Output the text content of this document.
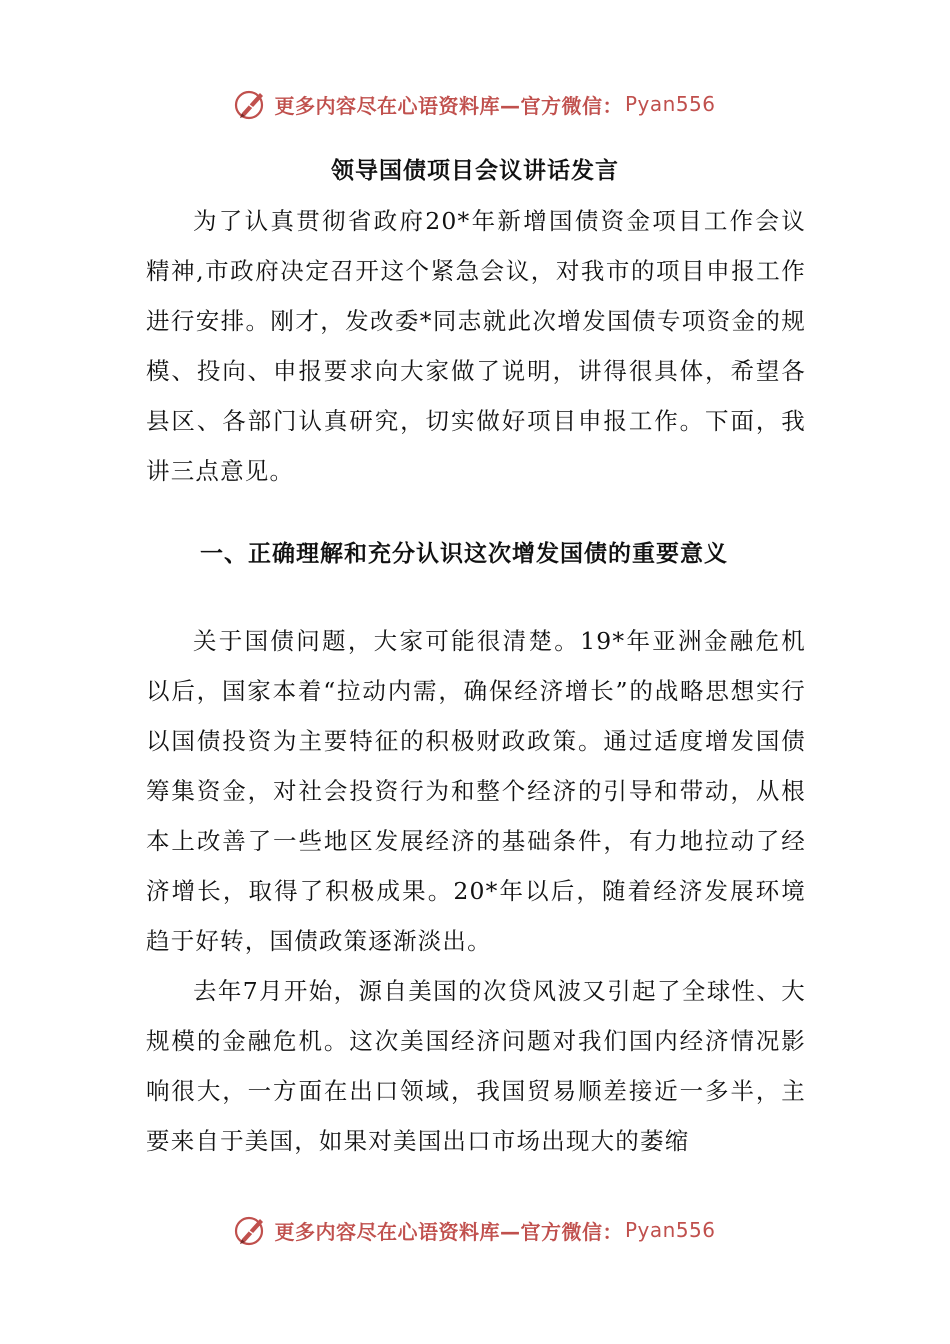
更多内容尽在心语资料库—官方微信： Pyan556
领导国债项目会议讲话发言

为了认真贯彻省政府20*年新增国债资金项目工作会议精神,市政府决定召开这个紧急会议，对我市的项目申报工作进行安排。刚才，发改委*同志就此次增发国债专项资金的规模、投向、申报要求向大家做了说明，讲得很具体，希望各县区、各部门认真研究，切实做好项目申报工作。下面，我讲三点意见。

一、正确理解和充分认识这次增发国债的重要意义

关于国债问题，大家可能很清楚。19*年亚洲金融危机以后，国家本着“拉动内需，确保经济增长”的战略思想实行以国债投资为主要特征的积极财政政策。通过适度增发国债筹集资金，对社会投资行为和整个经济的引导和带动，从根本上改善了一些地区发展经济的基础条件，有力地拉动了经济增长，取得了积极成果。20*年以后，随着经济发展环境趋于好转，国债政策逐渐淡出。

去年7月开始，源自美国的次贷风波又引起了全球性、大规模的金融危机。这次美国经济问题对我们国内经济情况影响很大，一方面在出口领域，我国贸易顺差接近一多半，主要来自于美国，如果对美国出口市场出现大的萎缩

更多内容尽在心语资料库—官方微信： Pyan556
